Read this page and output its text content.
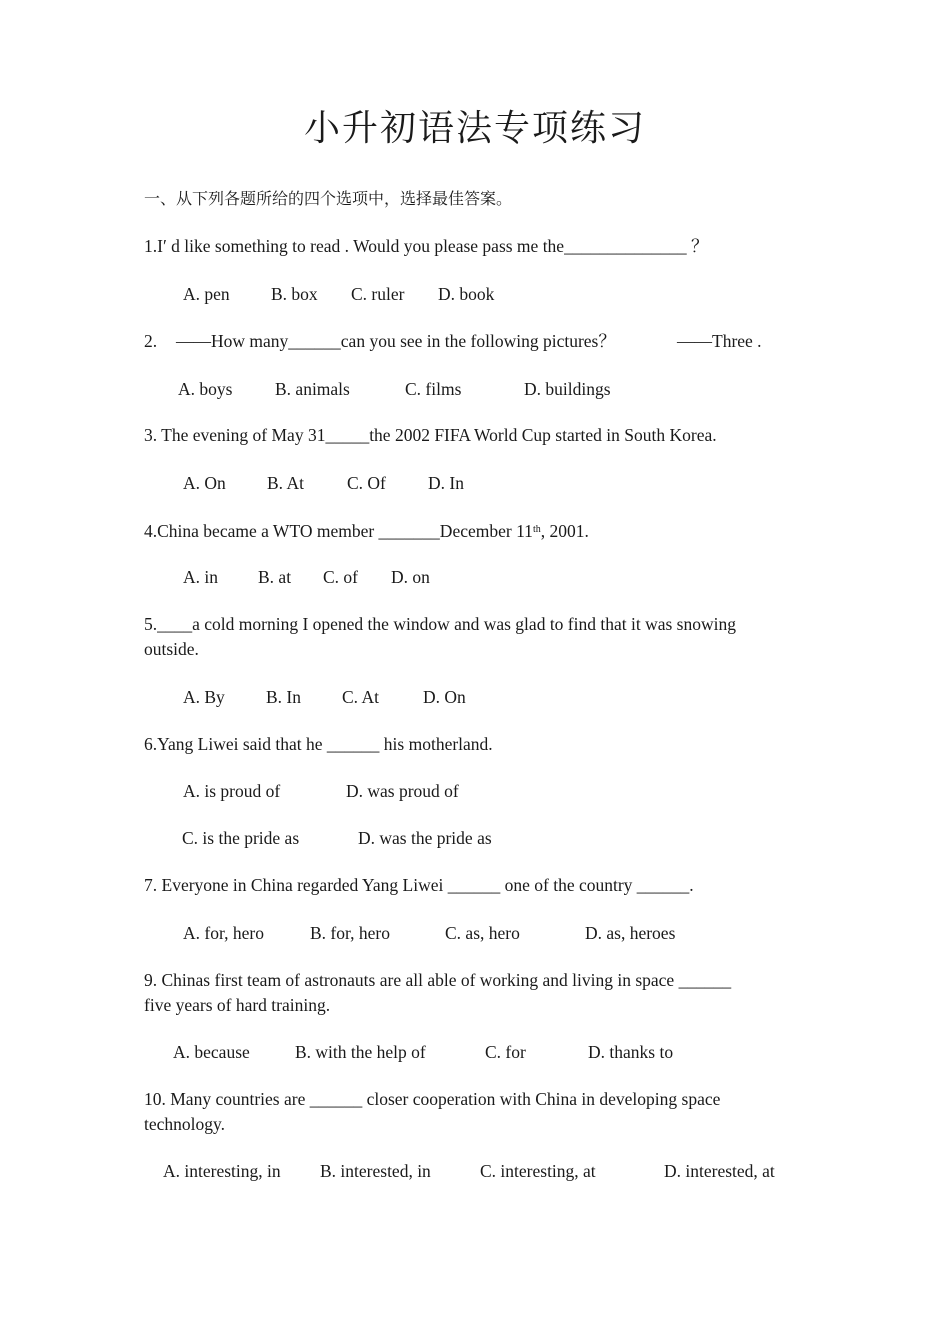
小升初语法专项练习
一、从下列各题所给的四个选项中，选择最佳答案。
1.I′ d like something to read . Would you please pass me the______________ ？
A. pen B. box C. ruler D. book
2. ——How many______can you see in the following pictures？	——Three .
A. boys B. animals	C. films	D. buildings
3. The evening of May 31_____the 2002 FIFA World Cup started in South Korea.
A. On B. At C. Of D. In
4.China became a WTO member _______December 11th, 2001.
A. in B. at C. of D. on
5.____a cold morning I opened the window and was glad to find that it was snowing
outside.
A. By B. In C. At	D. On
6.Yang Liwei said that he ______ his motherland.
A. is proud of	D. was proud of
C. is the pride as	D. was the pride as
7. Everyone in China regarded Yang Liwei ______ one of the country ______.
A. for, hero	B. for, hero	C. as, hero	D. as, heroes
9. Chinas first team of astronauts are all able of working and living in space ______
five years of hard training.
A. because	B. with the help of	C. for	D. thanks to
10. Many countries are ______ closer cooperation with China in developing space
technology.
A. interesting, in B. interested, in	C. interesting, at	D. interested, at
